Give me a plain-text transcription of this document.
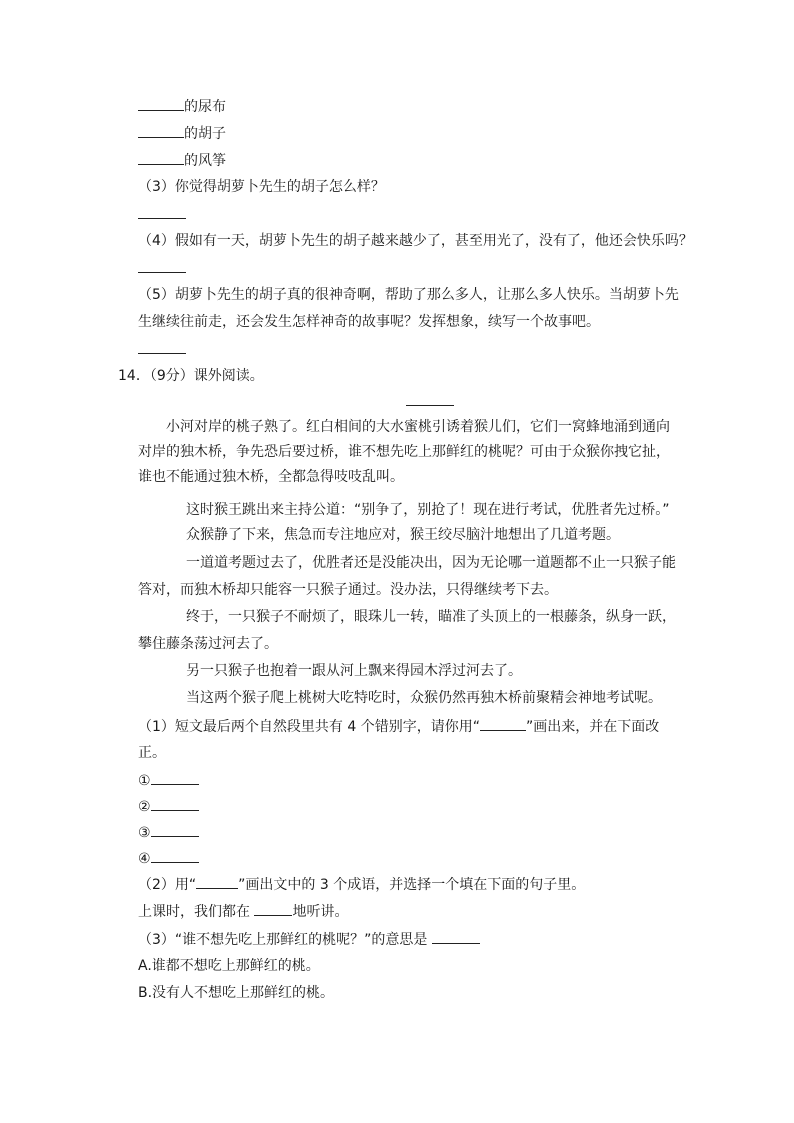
的尿布
的胡子
的风筝
（3）你觉得胡萝卜先生的胡子怎么样？
（4）假如有一天，胡萝卜先生的胡子越来越少了，甚至用光了，没有了，他还会快乐吗？
（5）胡萝卜先生的胡子真的很神奇啊，帮助了那么多人，让那么多人快乐。当胡萝卜先
生继续往前走，还会发生怎样神奇的故事呢？发挥想象，续写一个故事吧。
14．（9分）课外阅读。
小河对岸的桃子熟了。红白相间的大水蜜桃引诱着猴儿们，它们一窝蜂地涌到通向
对岸的独木桥，争先恐后要过桥，谁不想先吃上那鲜红的桃呢？可由于众猴你拽它扯，
谁也不能通过独木桥，全都急得吱吱乱叫。
这时猴王跳出来主持公道：“别争了，别抢了！现在进行考试，优胜者先过桥。”
众猴静了下来，焦急而专注地应对，猴王绞尽脑汁地想出了几道考题。
一道道考题过去了，优胜者还是没能决出，因为无论哪一道题都不止一只猴子能
答对，而独木桥却只能容一只猴子通过。没办法，只得继续考下去。
终于，一只猴子不耐烦了，眼珠儿一转，瞄准了头顶上的一根藤条，纵身一跃，
攀住藤条荡过河去了。
另一只猴子也抱着一跟从河上飘来得园木浮过河去了。
当这两个猴子爬上桃树大吃特吃时，众猴仍然再独木桥前聚精会神地考试呢。
（1）短文最后两个自然段里共有 4 个错别字，请你用“	”画出来，并在下面改
正。
①
②
③
④
（2）用“	”画出文中的 3 个成语，并选择一个填在下面的句子里。
上课时，我们都在	地听讲。
（3）“谁不想先吃上那鲜红的桃呢？”的意思是
A.谁都不想吃上那鲜红的桃。
B.没有人不想吃上那鲜红的桃。
